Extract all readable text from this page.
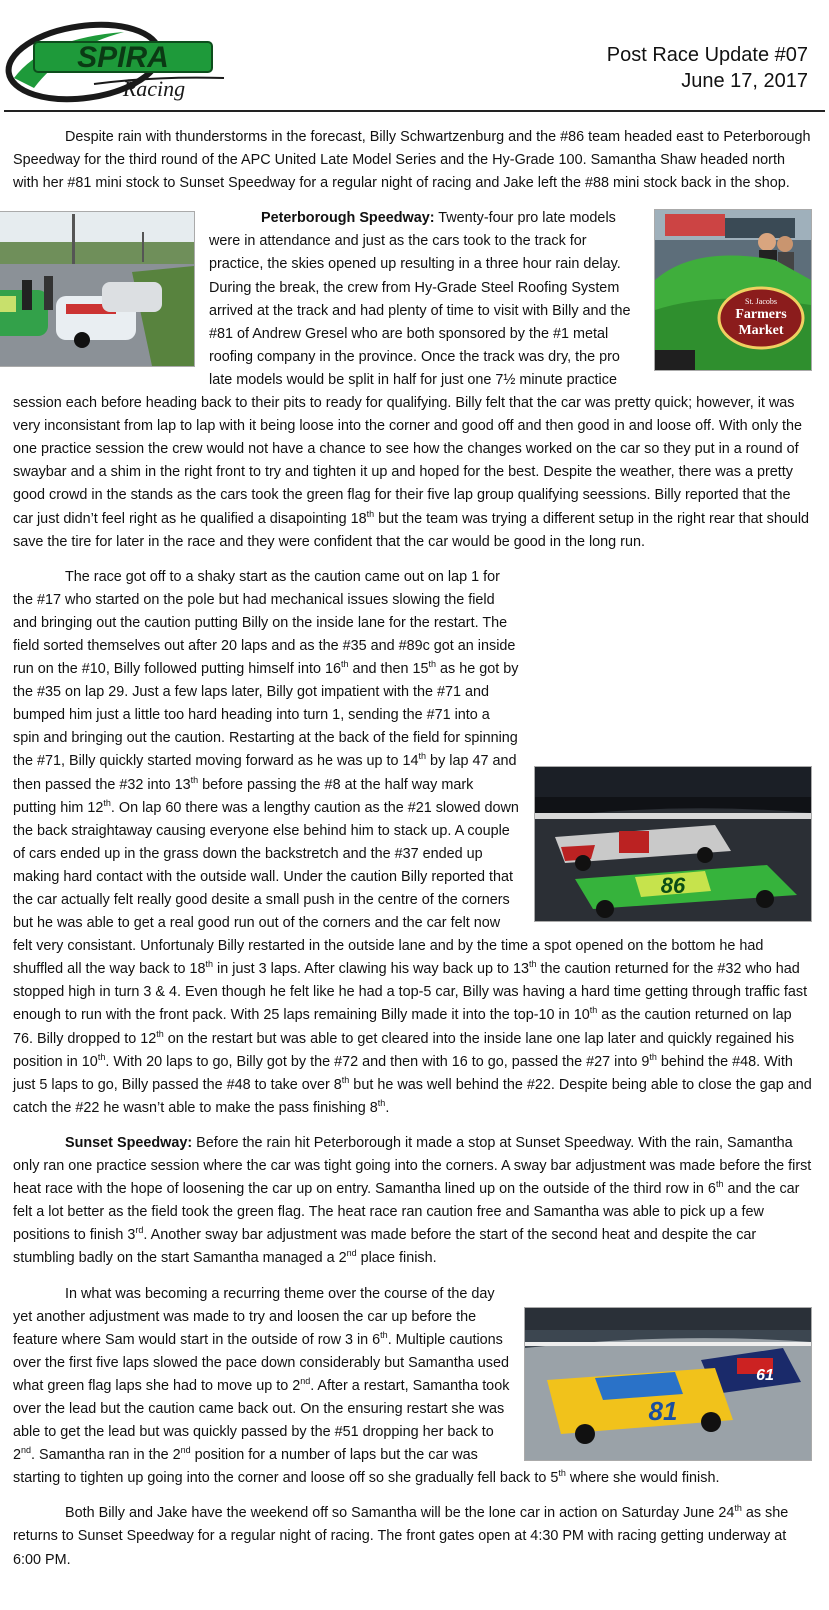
SPIRA
Racing
Post Race Update #07
June 17, 2017

Despite rain with thunderstorms in the forecast, Billy Schwartzenburg and the #86 team headed east to Peterborough Speedway for the third round of the APC United Late Model Series and the Hy-Grade 100. Samantha Shaw headed north with her #81 mini stock to Sunset Speedway for a regular night of racing and Jake left the #88 mini stock back in the shop.

St. Jacobs
Farmers
Market
Peterborough Speedway: Twenty-four pro late models were in attendance and just as the cars took to the track for practice, the skies opened up resulting in a three hour rain delay. During the break, the crew from Hy-Grade Steel Roofing System arrived at the track and had plenty of time to visit with Billy and the #81 of Andrew Gresel who are both sponsored by the #1 metal roofing company in the province. Once the track was dry, the pro late models would be split in half for just one 7½ minute practice session each before heading back to their pits to ready for qualifying. Billy felt that the car was pretty quick; however, it was very inconsistant from lap to lap with it being loose into the corner and good off and then good in and loose off. With only the one practice session the crew would not have a chance to see how the changes worked on the car so they put in a round of swaybar and a shim in the right front to try and tighten it up and hoped for the best. Despite the weather, there was a pretty good crowd in the stands as the cars took the green flag for their five lap group qualifying seessions. Billy reported that the car just didn’t feel right as he qualified a disapointing 18th but the team was trying a different setup in the right rear that should save the tire for later in the race and they were confident that the car would be good in the long run.

86
The race got off to a shaky start as the caution came out on lap 1 for the #17 who started on the pole but had mechanical issues slowing the field and bringing out the caution putting Billy on the inside lane for the restart. The field sorted themselves out after 20 laps and as the #35 and #89c got an inside run on the #10, Billy followed putting himself into 16th and then 15th as he got by the #35 on lap 29. Just a few laps later, Billy got impatient with the #71 and bumped him just a little too hard heading into turn 1, sending the #71 into a spin and bringing out the caution. Restarting at the back of the field for spinning the #71, Billy quickly started moving forward as he was up to 14th by lap 47 and then passed the #32 into 13th before passing the #8 at the half way mark putting him 12th. On lap 60 there was a lengthy caution as the #21 slowed down the back straightaway causing everyone else behind him to stack up. A couple of cars ended up in the grass down the backstretch and the #37 ended up making hard contact with the outside wall. Under the caution Billy reported that the car actually felt really good desite a small push in the centre of the corners but he was able to get a real good run out of the corners and the car felt now felt very consistant. Unfortunaly Billy restarted in the outside lane and by the time a spot opened on the bottom he had shuffled all the way back to 18th in just 3 laps. After clawing his way back up to 13th the caution returned for the #32 who had stopped high in turn 3 & 4. Even though he felt like he had a top-5 car, Billy was having a hard time getting through traffic fast enough to run with the front pack. With 25 laps remaining Billy made it into the top-10 in 10th as the caution returned on lap 76. Billy dropped to 12th on the restart but was able to get cleared into the inside lane one lap later and quickly regained his position in 10th. With 20 laps to go, Billy got by the #72 and then with 16 to go, passed the #27 into 9th behind the #48. With just 5 laps to go, Billy passed the #48 to take over 8th but he was well behind the #22. Despite being able to close the gap and catch the #22 he wasn’t able to make the pass finishing 8th.

Sunset Speedway: Before the rain hit Peterborough it made a stop at Sunset Speedway. With the rain, Samantha only ran one practice session where the car was tight going into the corners. A sway bar adjustment was made before the first heat race with the hope of loosening the car up on entry. Samantha lined up on the outside of the third row in 6th and the car felt a lot better as the field took the green flag. The heat race ran caution free and Samantha was able to pick up a few positions to finish 3rd. Another sway bar adjustment was made before the start of the second heat and despite the car stumbling badly on the start Samantha managed a 2nd place finish.

61
81
In what was becoming a recurring theme over the course of the day yet another adjustment was made to try and loosen the car up before the feature where Sam would start in the outside of row 3 in 6th. Multiple cautions over the first five laps slowed the pace down considerably but Samantha used what green flag laps she had to move up to 2nd. After a restart, Samantha took over the lead but the caution came back out. On the ensuring restart she was able to get the lead but was quickly passed by the #51 dropping her back to 2nd. Samantha ran in the 2nd position for a number of laps but the car was starting to tighten up going into the corner and loose off so she gradually fell back to 5th where she would finish.

Both Billy and Jake have the weekend off so Samantha will be the lone car in action on Saturday June 24th as she returns to Sunset Speedway for a regular night of racing. The front gates open at 4:30 PM with racing getting underway at 6:00 PM.
